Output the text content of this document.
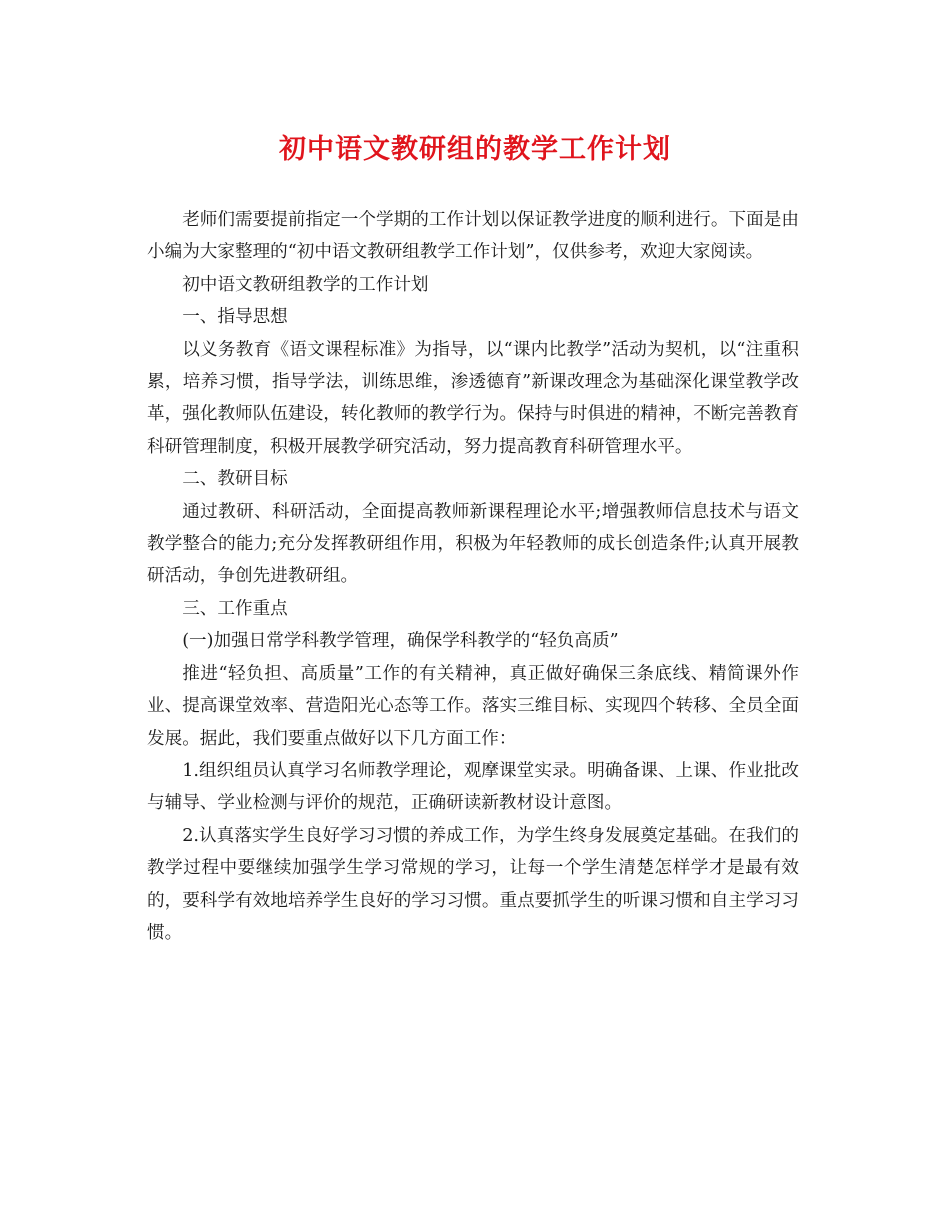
初中语文教研组的教学工作计划

老师们需要提前指定一个学期的工作计划以保证教学进度的顺利进行。下面是由小编为大家整理的“初中语文教研组教学工作计划”，仅供参考，欢迎大家阅读。

初中语文教研组教学的工作计划

一、指导思想

以义务教育《语文课程标准》为指导，以“课内比教学”活动为契机，以“注重积累，培养习惯，指导学法，训练思维，渗透德育”新课改理念为基础深化课堂教学改革，强化教师队伍建设，转化教师的教学行为。保持与时俱进的精神，不断完善教育科研管理制度，积极开展教学研究活动，努力提高教育科研管理水平。

二、教研目标

通过教研、科研活动，全面提高教师新课程理论水平;增强教师信息技术与语文教学整合的能力;充分发挥教研组作用，积极为年轻教师的成长创造条件;认真开展教研活动，争创先进教研组。

三、工作重点

(一)加强日常学科教学管理，确保学科教学的“轻负高质”

推进“轻负担、高质量”工作的有关精神，真正做好确保三条底线、精简课外作业、提高课堂效率、营造阳光心态等工作。落实三维目标、实现四个转移、全员全面发展。据此，我们要重点做好以下几方面工作：

1.组织组员认真学习名师教学理论，观摩课堂实录。明确备课、上课、作业批改与辅导、学业检测与评价的规范，正确研读新教材设计意图。

2.认真落实学生良好学习习惯的养成工作，为学生终身发展奠定基础。在我们的教学过程中要继续加强学生学习常规的学习，让每一个学生清楚怎样学才是最有效的，要科学有效地培养学生良好的学习习惯。重点要抓学生的听课习惯和自主学习习惯。
